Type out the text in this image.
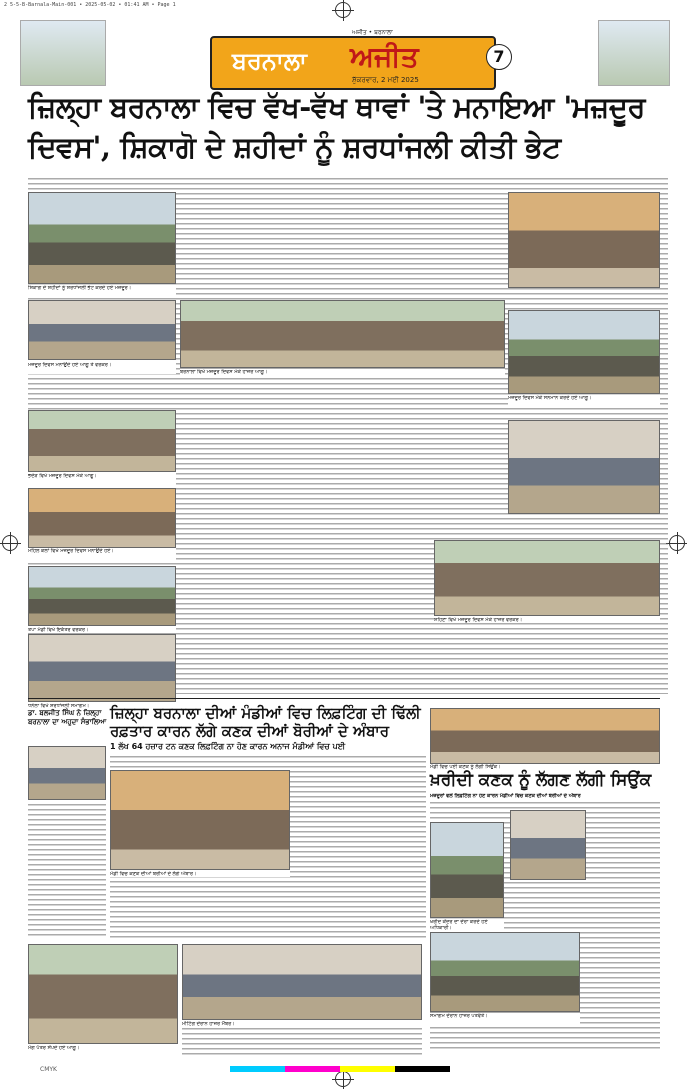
2 5-5-B-Barnala-Main-001 • 2025-05-02 • 01:41 AM • Page 1
ਬਰਨਾਲਾ ਅਜੀਤ
ਅਜੀਤ • ਬਰਨਾਲਾ
ਸ਼ੁੱਕਰਵਾਰ, 2 ਮਈ 2025
7
ਜ਼ਿਲ੍ਹਾ ਬਰਨਾਲਾ ਵਿਚ ਵੱਖ-ਵੱਖ ਥਾਵਾਂ 'ਤੇ ਮਨਾਇਆ 'ਮਜ਼ਦੂਰ
ਦਿਵਸ', ਸ਼ਿਕਾਗੋ ਦੇ ਸ਼ਹੀਦਾਂ ਨੂੰ ਸ਼ਰਧਾਂਜਲੀ ਕੀਤੀ ਭੇਟ
ਸ਼ਿਕਾਗੋ ਦੇ ਸ਼ਹੀਦਾਂ ਨੂੰ ਸ਼ਰਧਾਂਜਲੀ ਭੇਟ ਕਰਦੇ ਹੋਏ ਮਜ਼ਦੂਰ।
ਮਜ਼ਦੂਰ ਦਿਵਸ ਮਨਾਉਂਦੇ ਹੋਏ ਆਗੂ ਤੇ ਵਰਕਰ।
ਭਦੌੜ ਵਿਖੇ ਮਜ਼ਦੂਰ ਦਿਵਸ ਮੌਕੇ ਆਗੂ।
ਮਹਿਲ ਕਲਾਂ ਵਿਖੇ ਮਜ਼ਦੂਰ ਦਿਵਸ ਮਨਾਉਂਦੇ ਹੋਏ।
ਤਪਾ ਮੰਡੀ ਵਿਖੇ ਇਕੱਤਰ ਵਰਕਰ।
ਧਨੌਲਾ ਵਿਖੇ ਸ਼ਰਧਾਂਜਲੀ ਸਮਾਗਮ।
ਬਰਨਾਲਾ ਵਿਖੇ ਮਜ਼ਦੂਰ ਦਿਵਸ ਮੌਕੇ ਹਾਜ਼ਰ ਆਗੂ।
ਮਜ਼ਦੂਰ ਦਿਵਸ ਮੌਕੇ ਸਨਮਾਨ ਕਰਦੇ ਹੋਏ ਆਗੂ।
ਸ਼ਹਿਣਾ ਵਿਖੇ ਮਜ਼ਦੂਰ ਦਿਵਸ ਮੌਕੇ ਹਾਜ਼ਰ ਵਰਕਰ।
ਡਾ. ਬਲਜੀਤ ਸਿੰਘ ਨੇ ਜ਼ਿਲ੍ਹਾ
ਬਰਨਾਲਾ ਦਾ ਅਹੁਦਾ ਸੰਭਾਲਿਆ ਜ਼ਿਲ੍ਹਾ ਬਰਨਾਲਾ ਦੀਆਂ ਮੰਡੀਆਂ ਵਿਚ ਲਿਫ਼ਟਿੰਗ ਦੀ ਢਿੱਲੀ
ਰਫ਼ਤਾਰ ਕਾਰਨ ਲੱਗੇ ਕਣਕ ਦੀਆਂ ਬੋਰੀਆਂ ਦੇ ਅੰਬਾਰ
1 ਲੱਖ 64 ਹਜ਼ਾਰ ਟਨ ਕਣਕ ਲਿਫ਼ਟਿੰਗ ਨਾ ਹੋਣ ਕਾਰਨ ਅਨਾਜ ਮੰਡੀਆਂ ਵਿਚ ਪਈ
ਮੰਡੀ ਵਿਚ ਕਣਕ ਦੀਆਂ ਬੋਰੀਆਂ ਦੇ ਲੱਗੇ ਅੰਬਾਰ।
ਮੰਡੀ ਵਿਚ ਪਈ ਕਣਕ ਨੂੰ ਲੱਗੀ ਸਿਉਂਕ।
ਖ਼ਰੀਦੀ ਕਣਕ ਨੂੰ ਲੱਗਣ ਲੱਗੀ ਸਿਉਂਕ
ਮਜ਼ਦੂਰਾਂ ਵਲੋਂ ਲਿਫ਼ਟਿੰਗ ਨਾ ਹੋਣ ਕਾਰਨ ਮੰਡੀਆਂ ਵਿਚ ਕਣਕ ਦੀਆਂ ਬੋਰੀਆਂ ਦੇ ਅੰਬਾਰ
ਖ਼ਰੀਦ ਕੇਂਦਰ ਦਾ ਦੌਰਾ ਕਰਦੇ ਹੋਏ ਅਧਿਕਾਰੀ।
ਮੰਗ ਪੱਤਰ ਸੌਂਪਦੇ ਹੋਏ ਆਗੂ।
ਮੀਟਿੰਗ ਦੌਰਾਨ ਹਾਜ਼ਰ ਮੈਂਬਰ।
ਸਮਾਗਮ ਦੌਰਾਨ ਹਾਜ਼ਰ ਪਤਵੰਤੇ।
CMYK
